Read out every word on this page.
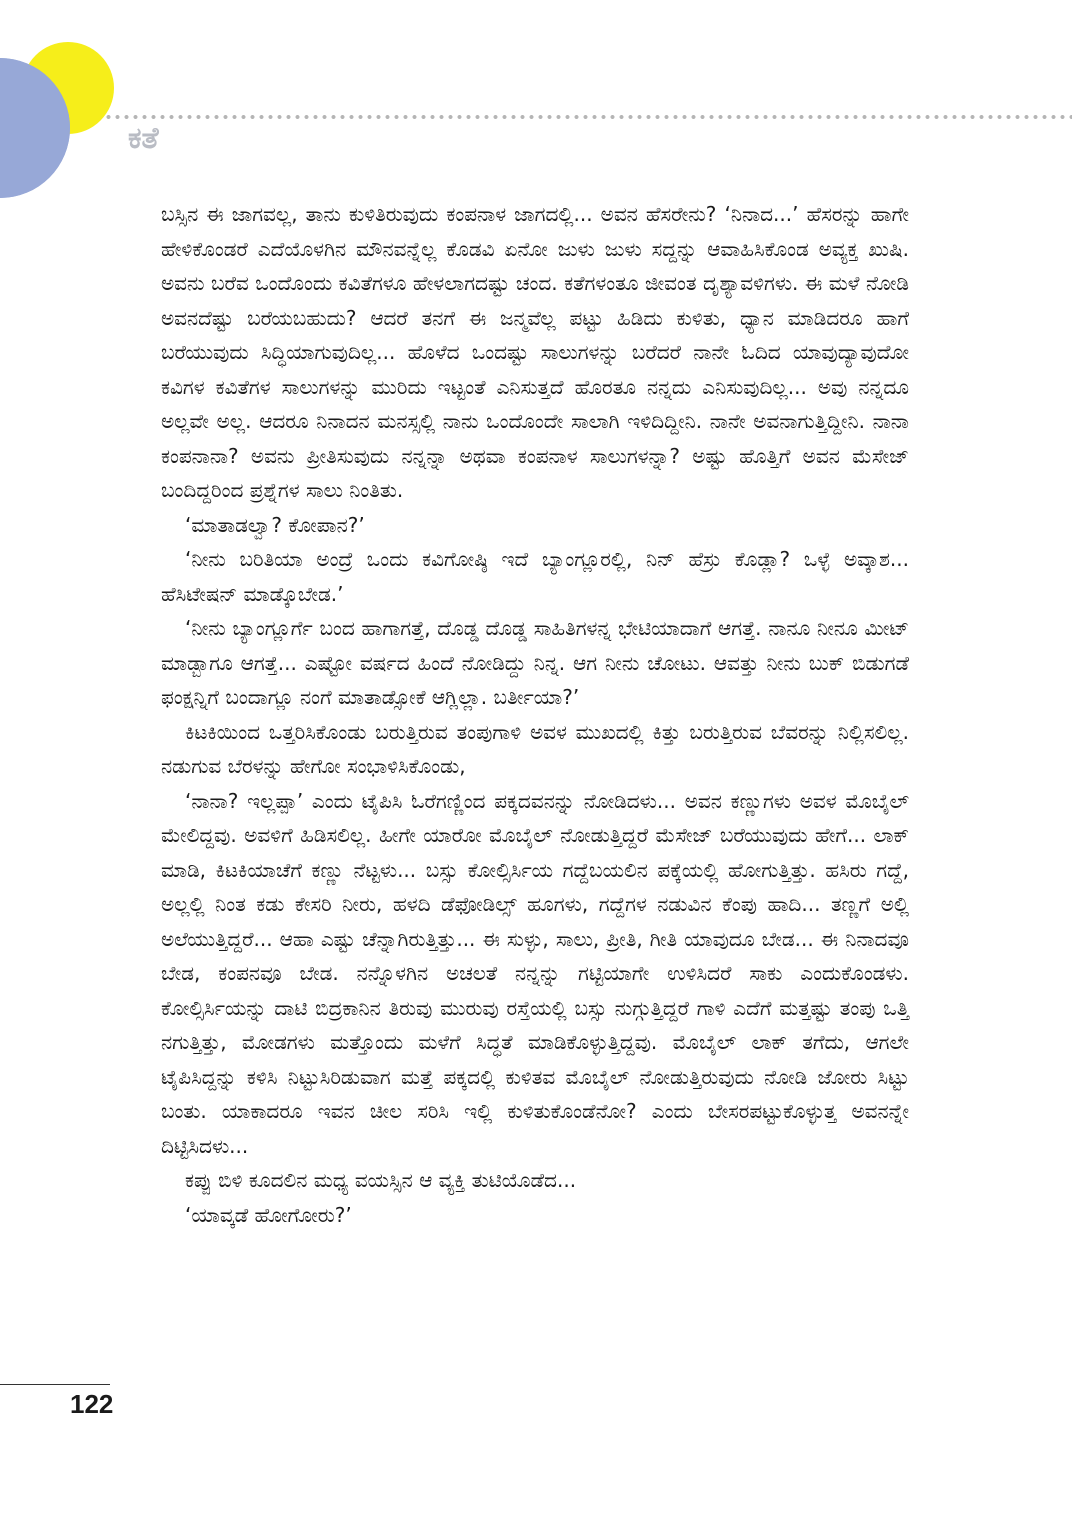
ಕತೆ

ಬಸ್ಸಿನ ಈ ಜಾಗವಲ್ಲ, ತಾನು ಕುಳಿತಿರುವುದು ಕಂಪನಾಳ ಜಾಗದಲ್ಲಿ... ಅವನ ಹೆಸರೇನು? ‘ನಿನಾದ...’ ಹೆಸರನ್ನು ಹಾಗೇ ಹೇಳಿಕೊಂಡರೆ ಎದೆಯೊಳಗಿನ ಮೌನವನ್ನೆಲ್ಲ ಕೊಡವಿ ಏನೋ ಜುಳು ಜುಳು ಸದ್ದನ್ನು ಆವಾಹಿಸಿಕೊಂಡ ಅವ್ಯಕ್ತ ಖುಷಿ. ಅವನು ಬರೆವ ಒಂದೊಂದು ಕವಿತೆಗಳೂ ಹೇಳಲಾಗದಷ್ಟು ಚಂದ. ಕತೆಗಳಂತೂ ಜೀವಂತ ದೃಶ್ಯಾವಳಿಗಳು. ಈ ಮಳೆ ನೋಡಿ ಅವನದೆಷ್ಟು ಬರೆಯಬಹುದು? ಆದರೆ ತನಗೆ ಈ ಜನ್ಮವೆಲ್ಲ ಪಟ್ಟು ಹಿಡಿದು ಕುಳಿತು, ಧ್ಯಾನ ಮಾಡಿದರೂ ಹಾಗೆ ಬರೆಯುವುದು ಸಿದ್ಧಿಯಾಗುವುದಿಲ್ಲ... ಹೊಳೆದ ಒಂದಷ್ಟು ಸಾಲುಗಳನ್ನು ಬರೆದರೆ ನಾನೇ ಓದಿದ ಯಾವುದ್ಯಾವುದೋ ಕವಿಗಳ ಕವಿತೆಗಳ ಸಾಲುಗಳನ್ನು ಮುರಿದು ಇಟ್ಟಂತೆ ಎನಿಸುತ್ತದೆ ಹೊರತೂ ನನ್ನದು ಎನಿಸುವುದಿಲ್ಲ... ಅವು ನನ್ನದೂ ಅಲ್ಲವೇ ಅಲ್ಲ. ಆದರೂ ನಿನಾದನ ಮನಸ್ಸಲ್ಲಿ ನಾನು ಒಂದೊಂದೇ ಸಾಲಾಗಿ ಇಳಿದಿದ್ದೀನಿ. ನಾನೇ ಅವನಾಗುತ್ತಿದ್ದೀನಿ. ನಾನಾ ಕಂಪನಾನಾ? ಅವನು ಪ್ರೀತಿಸುವುದು ನನ್ನನ್ನಾ ಅಥವಾ ಕಂಪನಾಳ ಸಾಲುಗಳನ್ನಾ? ಅಷ್ಟು ಹೊತ್ತಿಗೆ ಅವನ ಮೆಸೇಜ್ ಬಂದಿದ್ದರಿಂದ ಪ್ರಶ್ನೆಗಳ ಸಾಲು ನಿಂತಿತು.

‘ಮಾತಾಡಲ್ವಾ? ಕೋಪಾನ?’

‘ನೀನು ಬರಿತಿಯಾ ಅಂದ್ರೆ ಒಂದು ಕವಿಗೋಷ್ಠಿ ಇದೆ ಬ್ಯಾಂಗ್ಲೂರಲ್ಲಿ, ನಿನ್ ಹೆಸ್ರು ಕೊಡ್ಲಾ? ಒಳ್ಳೆ ಅವ್ಕಾಶ... ಹೆಸಿಟೇಷನ್ ಮಾಡ್ಕೊಬೇಡ.’

‘ನೀನು ಬ್ಯಾಂಗ್ಲೂರ್ಗೆ ಬಂದ ಹಾಗಾಗತ್ತೆ, ದೊಡ್ಡ ದೊಡ್ಡ ಸಾಹಿತಿಗಳನ್ನ ಭೇಟಿಯಾದಾಗೆ ಆಗತ್ತೆ. ನಾನೂ ನೀನೂ ಮೀಟ್ ಮಾಡ್ಬಾಗೂ ಆಗತ್ತೆ... ಎಷ್ಟೋ ವರ್ಷದ ಹಿಂದೆ ನೋಡಿದ್ದು ನಿನ್ನ. ಆಗ ನೀನು ಚೋಟು. ಆವತ್ತು ನೀನು ಬುಕ್ ಬಿಡುಗಡೆ ಫಂಕ್ಷನ್ನಿಗೆ ಬಂದಾಗ್ಲೂ ನಂಗೆ ಮಾತಾಡ್ಸೋಕೆ ಆಗ್ಲಿಲ್ಲಾ. ಬರ್ತೀಯಾ?’

ಕಿಟಕಿಯಿಂದ ಒತ್ತರಿಸಿಕೊಂಡು ಬರುತ್ತಿರುವ ತಂಪುಗಾಳಿ ಅವಳ ಮುಖದಲ್ಲಿ ಕಿತ್ತು ಬರುತ್ತಿರುವ ಬೆವರನ್ನು ನಿಲ್ಲಿಸಲಿಲ್ಲ. ನಡುಗುವ ಬೆರಳನ್ನು ಹೇಗೋ ಸಂಭಾಳಿಸಿಕೊಂಡು,

‘ನಾನಾ? ಇಲ್ಲಪ್ಪಾ’ ಎಂದು ಟೈಪಿಸಿ ಓರೆಗಣ್ಣಿಂದ ಪಕ್ಕದವನನ್ನು ನೋಡಿದಳು... ಅವನ ಕಣ್ಣುಗಳು ಅವಳ ಮೊಬೈಲ್ ಮೇಲಿದ್ದವು. ಅವಳಿಗೆ ಹಿಡಿಸಲಿಲ್ಲ. ಹೀಗೇ ಯಾರೋ ಮೊಬೈಲ್ ನೋಡುತ್ತಿದ್ದರೆ ಮೆಸೇಜ್ ಬರೆಯುವುದು ಹೇಗೆ... ಲಾಕ್ ಮಾಡಿ, ಕಿಟಕಿಯಾಚೆಗೆ ಕಣ್ಣು ನೆಟ್ಟಳು... ಬಸ್ಸು ಕೋಲ್ಸಿರ್ಸಿಯ ಗದ್ದೆಬಯಲಿನ ಪಕ್ಕೆಯಲ್ಲಿ ಹೋಗುತ್ತಿತ್ತು. ಹಸಿರು ಗದ್ದೆ, ಅಲ್ಲಲ್ಲಿ ನಿಂತ ಕಡು ಕೇಸರಿ ನೀರು, ಹಳದಿ ಡೆಫೋಡಿಲ್ಸ್ ಹೂಗಳು, ಗದ್ದೆಗಳ ನಡುವಿನ ಕೆಂಪು ಹಾದಿ... ತಣ್ಣಗೆ ಅಲ್ಲಿ ಅಲೆಯುತ್ತಿದ್ದರೆ... ಆಹಾ ಎಷ್ಟು ಚೆನ್ನಾಗಿರುತ್ತಿತ್ತು... ಈ ಸುಳ್ಳು, ಸಾಲು, ಪ್ರೀತಿ, ಗೀತಿ ಯಾವುದೂ ಬೇಡ... ಈ ನಿನಾದವೂ ಬೇಡ, ಕಂಪನವೂ ಬೇಡ. ನನ್ನೊಳಗಿನ ಅಚಲತೆ ನನ್ನನ್ನು ಗಟ್ಟಿಯಾಗೇ ಉಳಿಸಿದರೆ ಸಾಕು ಎಂದುಕೊಂಡಳು. ಕೋಲ್ಸಿರ್ಸಿಯನ್ನು ದಾಟಿ ಬಿದ್ರಕಾನಿನ ತಿರುವು ಮುರುವು ರಸ್ತೆಯಲ್ಲಿ ಬಸ್ಸು ನುಗ್ಗುತ್ತಿದ್ದರೆ ಗಾಳಿ ಎದೆಗೆ ಮತ್ತಷ್ಟು ತಂಪು ಒತ್ತಿ ನಗುತ್ತಿತ್ತು, ಮೋಡಗಳು ಮತ್ತೊಂದು ಮಳೆಗೆ ಸಿದ್ಧತೆ ಮಾಡಿಕೊಳ್ಳುತ್ತಿದ್ದವು. ಮೊಬೈಲ್ ಲಾಕ್ ತಗೆದು, ಆಗಲೇ ಟೈಪಿಸಿದ್ದನ್ನು ಕಳಿಸಿ ನಿಟ್ಟುಸಿರಿಡುವಾಗ ಮತ್ತೆ ಪಕ್ಕದಲ್ಲಿ ಕುಳಿತವ ಮೊಬೈಲ್ ನೋಡುತ್ತಿರುವುದು ನೋಡಿ ಜೋರು ಸಿಟ್ಟು ಬಂತು. ಯಾಕಾದರೂ ಇವನ ಚೀಲ ಸರಿಸಿ ಇಲ್ಲಿ ಕುಳಿತುಕೊಂಡೆನೋ? ಎಂದು ಬೇಸರಪಟ್ಟುಕೊಳ್ಳುತ್ತ ಅವನನ್ನೇ ದಿಟ್ಟಿಸಿದಳು...

ಕಪ್ಪು ಬಿಳಿ ಕೂದಲಿನ ಮಧ್ಯ ವಯಸ್ಸಿನ ಆ ವ್ಯಕ್ತಿ ತುಟಿಯೊಡೆದ...

‘ಯಾವ್ಕಡೆ ಹೋಗೋರು?’

122
